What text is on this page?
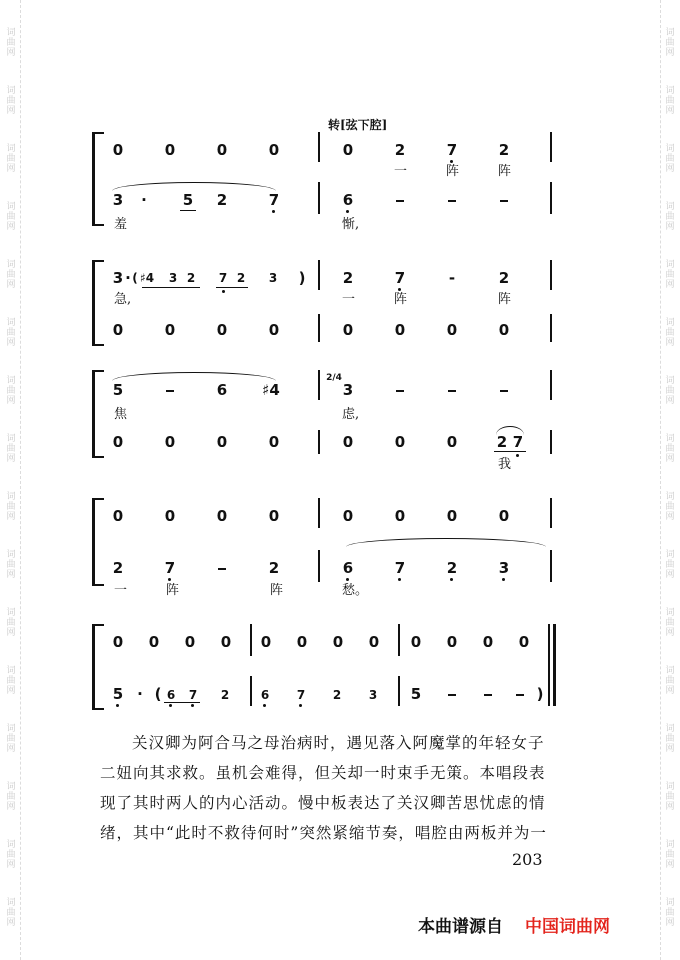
词
曲
网
词
曲
网
词
曲
网
词
曲
网
词
曲
网
词
曲
网
词
曲
网
词
曲
网
词
曲
网
词
曲
网
词
曲
网
词
曲
网
词
曲
网
词
曲
网
词
曲
网
词
曲
网
词
曲
网
词
曲
网
词
曲
网
词
曲
网
词
曲
网
词
曲
网
词
曲
网
词
曲
网
词
曲
网
词
曲
网
词
曲
网
词
曲
网
词
曲
网
词
曲
网
词
曲
网
词
曲
网
转[弦下腔]
0	0	0	0	0	2	7	2
一	阵	阵
3	·	5 2	7	6
羞	惭,
3 · ( ♯4 3 2 7 2 3	)	2	7	-	2
急,	一	阵	阵
0	0	0	0	0	0	0	0
5	6 ♯4
2/4
3
焦	虑,
0	0	0	0	0	0	0	2 7
我
0	0	0	0	0	0	0	0
2	7	2	6	7	2	3
一	阵	阵	愁。
0 0 0 0 0 0 0 0 0 0 0 0
5 · ( 6 7 2	6 7 2 3 5	)

关汉卿为阿合马之母治病时，遇见落入阿魔掌的年轻女子

二妞向其求救。虽机会难得，但关却一时束手无策。本唱段表

现了其时两人的内心活动。慢中板表达了关汉卿苦思忧虑的情

绪，其中“此时不救待何时”突然紧缩节奏，唱腔由两板并为一

203
本曲谱源自 中国词曲网
